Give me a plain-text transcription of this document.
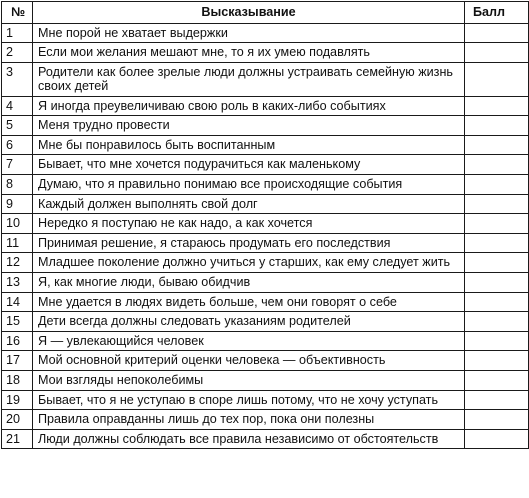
№	Высказывание	Балл
1	Мне порой не хватает выдержки	
2	Если мои желания мешают мне, то я их умею подавлять	
3	Родители как более зрелые люди должны устраивать семейную жизнь своих детей	
4	Я иногда преувеличиваю свою роль в каких-либо событиях	
5	Меня трудно провести	
6	Мне бы понравилось быть воспитанным	
7	Бывает, что мне хочется подурачиться как маленькому	
8	Думаю, что я правильно понимаю все происходящие события	
9	Каждый должен выполнять свой долг	
10	Нередко я поступаю не как надо, а как хочется	
11	Принимая решение, я стараюсь продумать его последствия	
12	Младшее поколение должно учиться у старших, как ему следует жить	
13	Я, как многие люди, бываю обидчив	
14	Мне удается в людях видеть больше, чем они говорят о себе	
15	Дети всегда должны следовать указаниям родителей	
16	Я — увлекающийся человек	
17	Мой основной критерий оценки человека — объективность	
18	Мои взгляды непоколебимы	
19	Бывает, что я не уступаю в споре лишь потому, что не хочу уступать	
20	Правила оправданны лишь до тех пор, пока они полезны	
21	Люди должны соблюдать все правила независимо от обстоятельств	
